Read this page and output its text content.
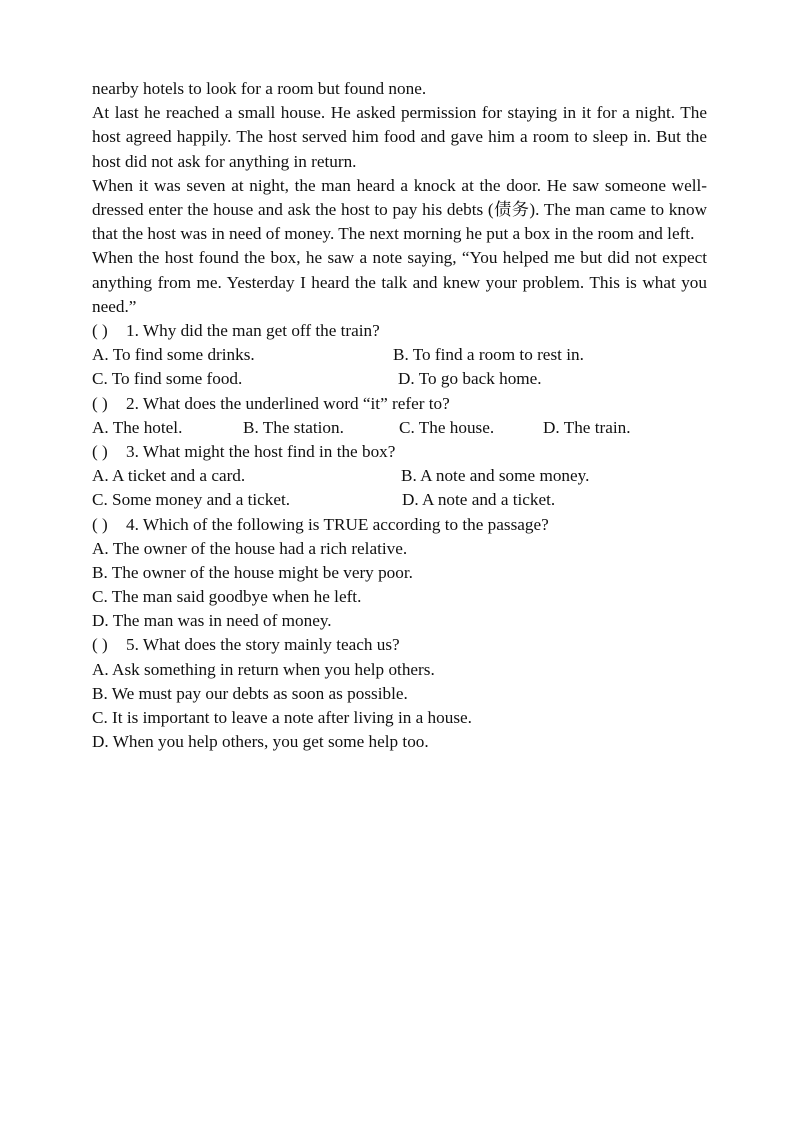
nearby hotels to look for a room but found none.

At last he reached a small house. He asked permission for staying in it for a night. The host agreed happily. The host served him food and gave him a room to sleep in. But the host did not ask for anything in return.

When it was seven at night, the man heard a knock at the door. He saw someone well-dressed enter the house and ask the host to pay his debts (债务). The man came to know that the host was in need of money. The next morning he put a box in the room and left.

When the host found the box, he saw a note saying, “You helped me but did not expect anything from me. Yesterday I heard the talk and knew your problem. This is what you need.”

( ) 1. Why did the man get off the train?
A. To find some drinks.	B. To find a room to rest in.
C. To find some food.	D. To go back home.
( ) 2. What does the underlined word “it” refer to?
A. The hotel.	B. The station.	C. The house.	D. The train.
( ) 3. What might the host find in the box?
A. A ticket and a card.	B. A note and some money.
C. Some money and a ticket.	D. A note and a ticket.
( ) 4. Which of the following is TRUE according to the passage?
A. The owner of the house had a rich relative.
B. The owner of the house might be very poor.
C. The man said goodbye when he left.
D. The man was in need of money.
( ) 5. What does the story mainly teach us?
A. Ask something in return when you help others.
B. We must pay our debts as soon as possible.
C. It is important to leave a note after living in a house.
D. When you help others, you get some help too.
